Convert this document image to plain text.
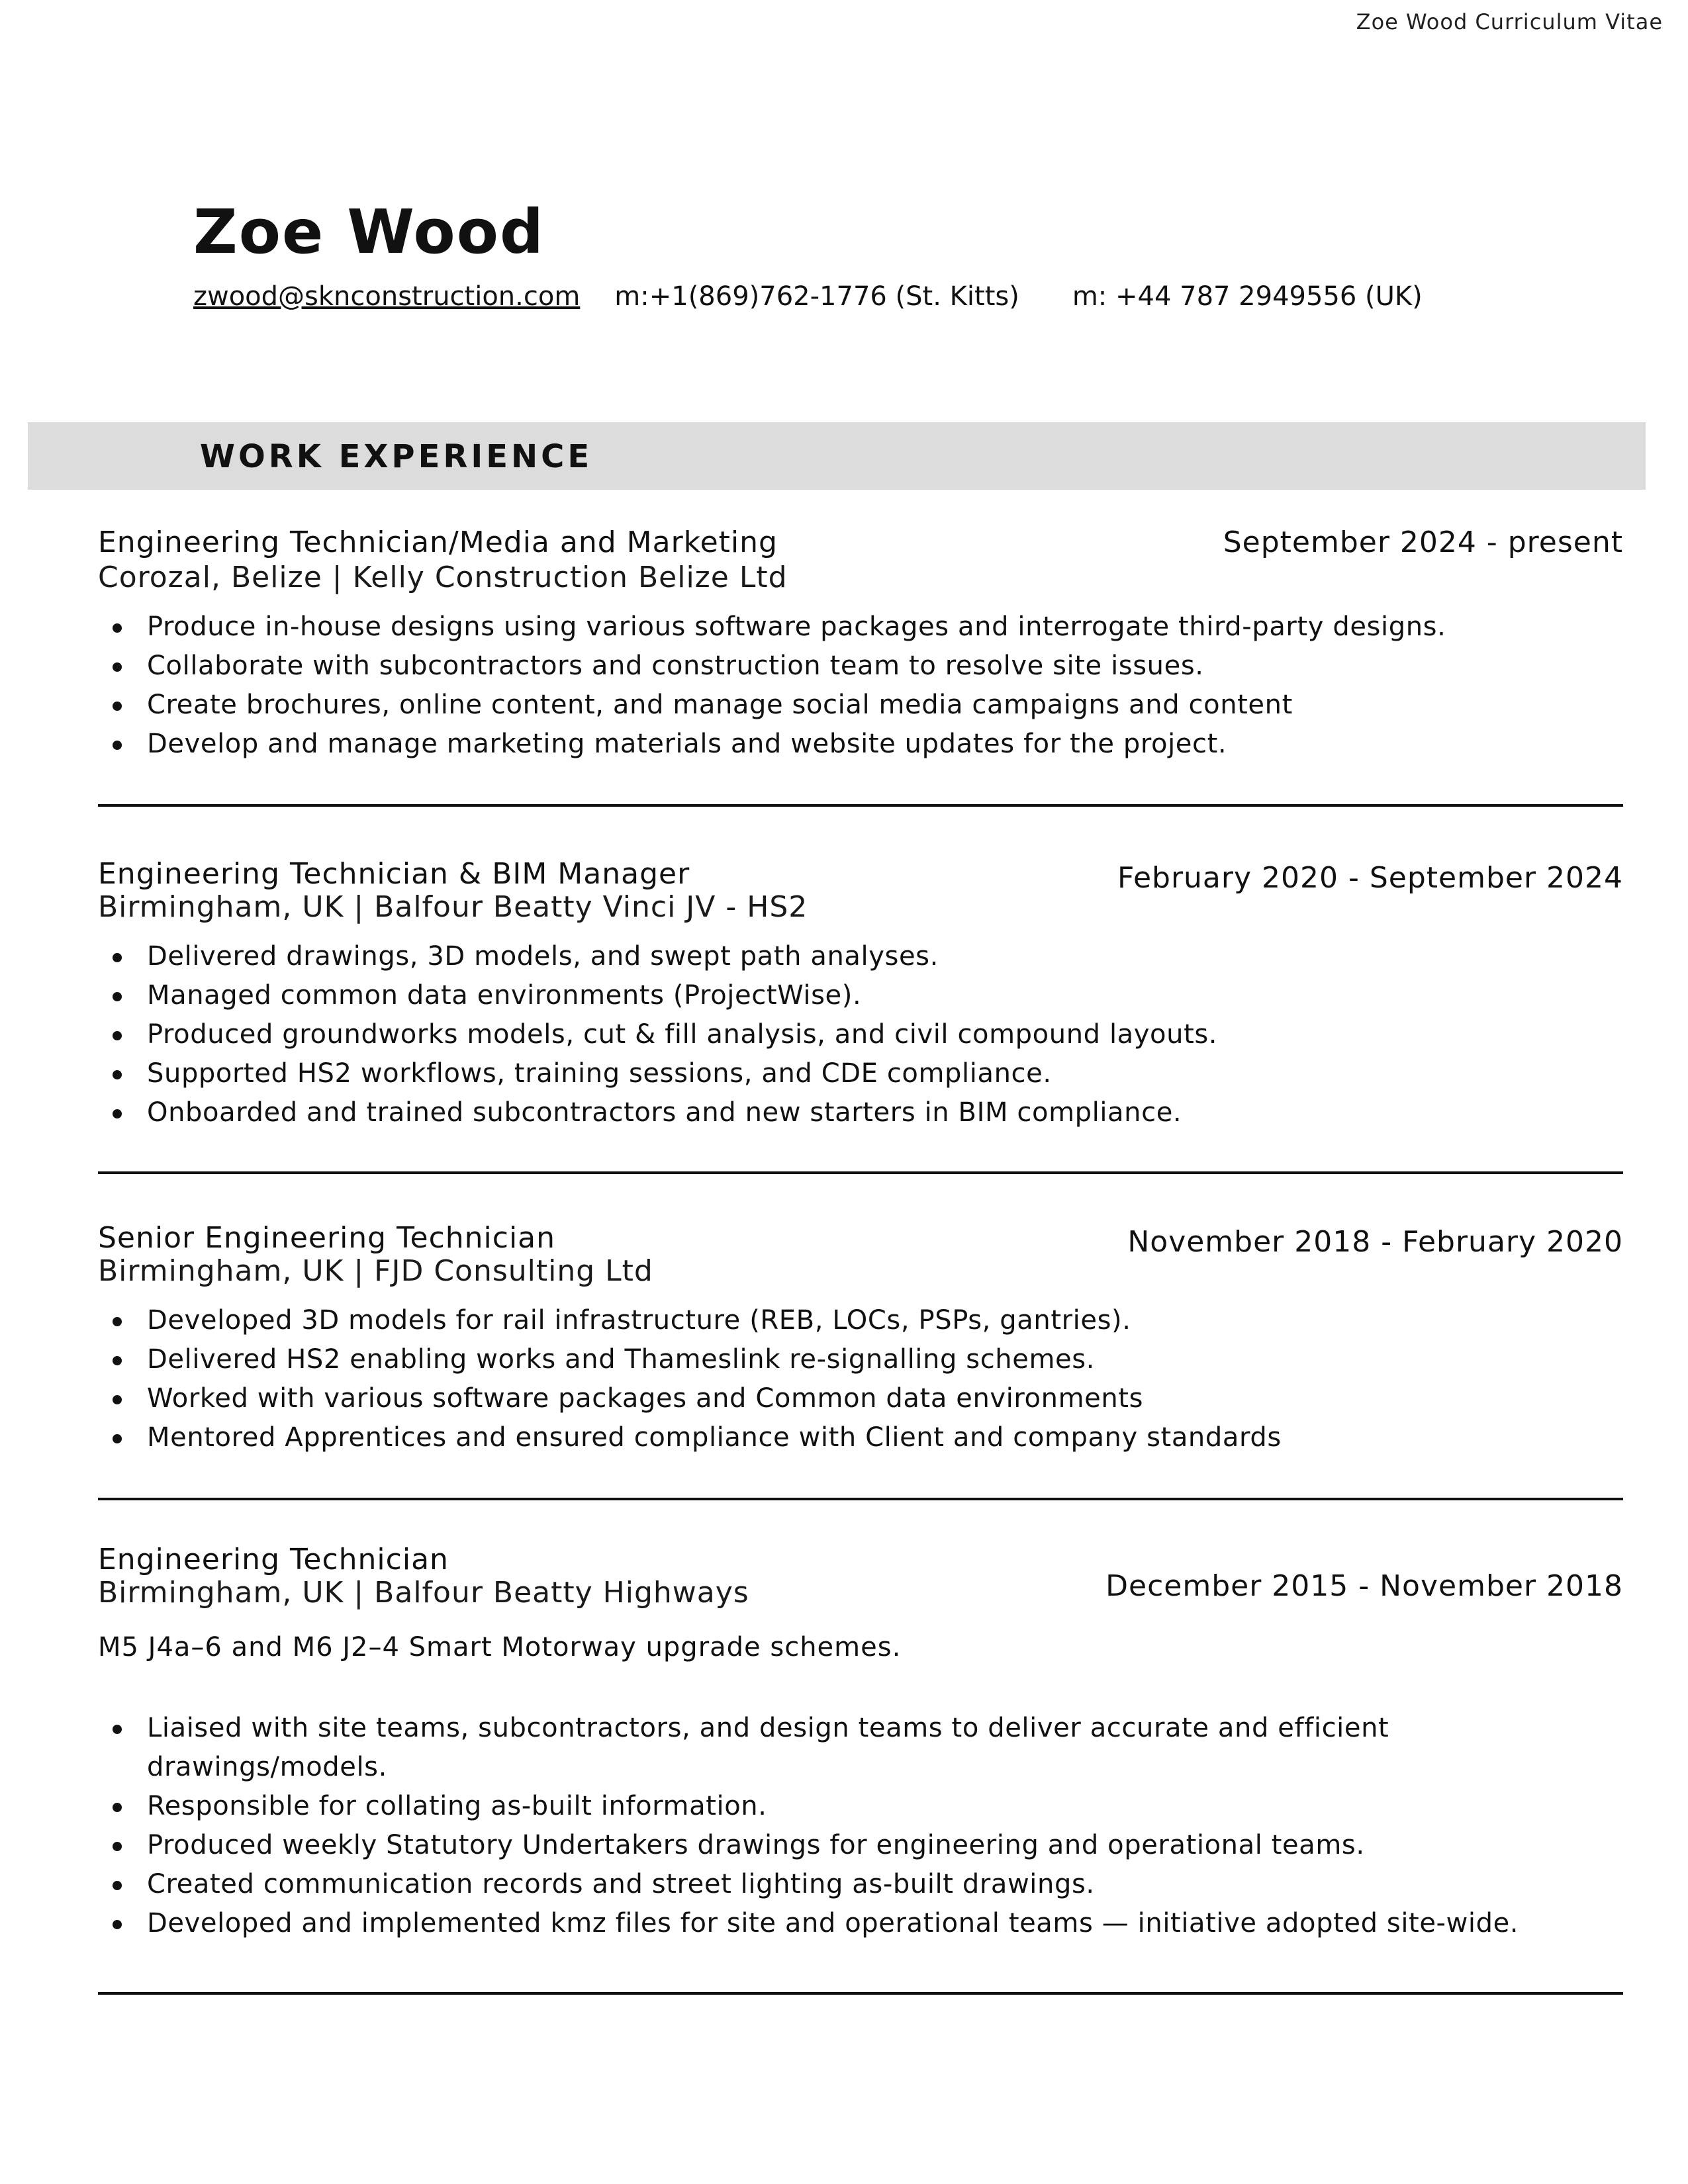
Zoe Wood Curriculum Vitae
Zoe Wood
zwood@sknconstruction.com m:+1(869)762-1776 (St. Kitts) m: +44 787 2949556 (UK)
WORK EXPERIENCE
Engineering Technician/Media and Marketing	September 2024 - present
Corozal, Belize | Kelly Construction Belize Ltd
Produce in-house designs using various software packages and interrogate third-party designs.
Collaborate with subcontractors and construction team to resolve site issues.
Create brochures, online content, and manage social media campaigns and content
Develop and manage marketing materials and website updates for the project.
Engineering Technician & BIM Manager	February 2020 - September 2024
Birmingham, UK | Balfour Beatty Vinci JV - HS2
Delivered drawings, 3D models, and swept path analyses.
Managed common data environments (ProjectWise).
Produced groundworks models, cut & fill analysis, and civil compound layouts.
Supported HS2 workflows, training sessions, and CDE compliance.
Onboarded and trained subcontractors and new starters in BIM compliance.
Senior Engineering Technician	November 2018 - February 2020
Birmingham, UK | FJD Consulting Ltd
Developed 3D models for rail infrastructure (REB, LOCs, PSPs, gantries).
Delivered HS2 enabling works and Thameslink re-signalling schemes.
Worked with various software packages and Common data environments
Mentored Apprentices and ensured compliance with Client and company standards
Engineering Technician
Birmingham, UK | Balfour Beatty Highways	December 2015 - November 2018
M5 J4a–6 and M6 J2–4 Smart Motorway upgrade schemes.
Liaised with site teams, subcontractors, and design teams to deliver accurate and efficient drawings/models.
Responsible for collating as-built information.
Produced weekly Statutory Undertakers drawings for engineering and operational teams.
Created communication records and street lighting as-built drawings.
Developed and implemented kmz files for site and operational teams — initiative adopted site-wide.
